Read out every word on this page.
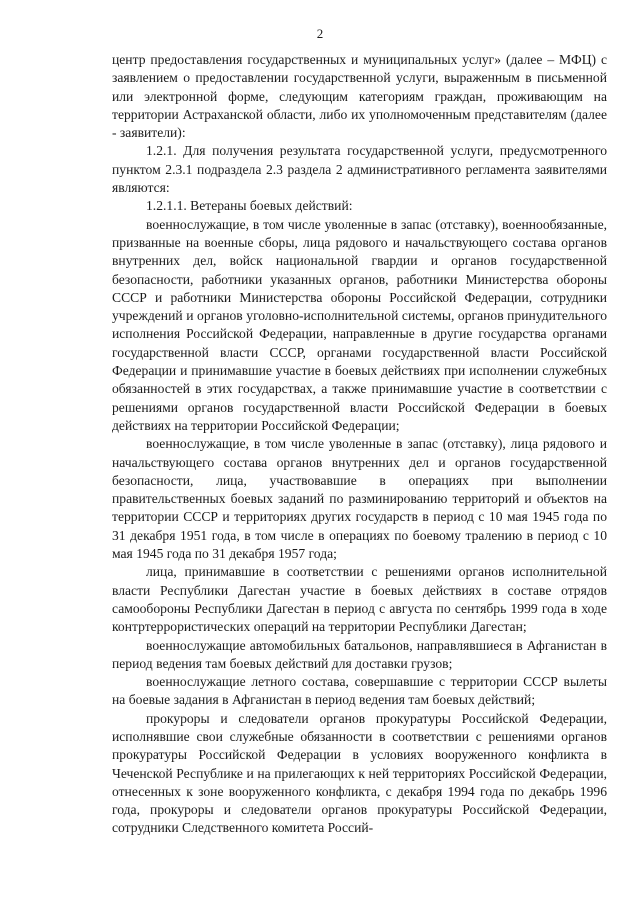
2

центр предоставления государственных и муниципальных услуг» (далее – МФЦ) с заявлением о предоставлении государственной услуги, выраженным в письменной или электронной форме, следующим категориям граждан, проживающим на территории Астраханской области, либо их уполномоченным представителям (далее - заявители):

1.2.1. Для получения результата государственной услуги, предусмотренного пунктом 2.3.1 подраздела 2.3 раздела 2 административного регламента заявителями являются:

1.2.1.1. Ветераны боевых действий:

военнослужащие, в том числе уволенные в запас (отставку), военнообязанные, призванные на военные сборы, лица рядового и начальствующего состава органов внутренних дел, войск национальной гвардии и органов государственной безопасности, работники указанных органов, работники Министерства обороны СССР и работники Министерства обороны Российской Федерации, сотрудники учреждений и органов уголовно-исполнительной системы, органов принудительного исполнения Российской Федерации, направленные в другие государства органами государственной власти СССР, органами государственной власти Российской Федерации и принимавшие участие в боевых действиях при исполнении служебных обязанностей в этих государствах, а также принимавшие участие в соответствии с решениями органов государственной власти Российской Федерации в боевых действиях на территории Российской Федерации;

военнослужащие, в том числе уволенные в запас (отставку), лица рядового и начальствующего состава органов внутренних дел и органов государственной безопасности, лица, участвовавшие в операциях при выполнении правительственных боевых заданий по разминированию территорий и объектов на территории СССР и территориях других государств в период с 10 мая 1945 года по 31 декабря 1951 года, в том числе в операциях по боевому тралению в период с 10 мая 1945 года по 31 декабря 1957 года;

лица, принимавшие в соответствии с решениями органов исполнительной власти Республики Дагестан участие в боевых действиях в составе отрядов самообороны Республики Дагестан в период с августа по сентябрь 1999 года в ходе контртеррористических операций на территории Республики Дагестан;

военнослужащие автомобильных батальонов, направлявшиеся в Афганистан в период ведения там боевых действий для доставки грузов;

военнослужащие летного состава, совершавшие с территории СССР вылеты на боевые задания в Афганистан в период ведения там боевых действий;

прокуроры и следователи органов прокуратуры Российской Федерации, исполнявшие свои служебные обязанности в соответствии с решениями органов прокуратуры Российской Федерации в условиях вооруженного конфликта в Чеченской Республике и на прилегающих к ней территориях Российской Федерации, отнесенных к зоне вооруженного конфликта, с декабря 1994 года по декабрь 1996 года, прокуроры и следователи органов прокуратуры Российской Федерации, сотрудники Следственного комитета Россий-
